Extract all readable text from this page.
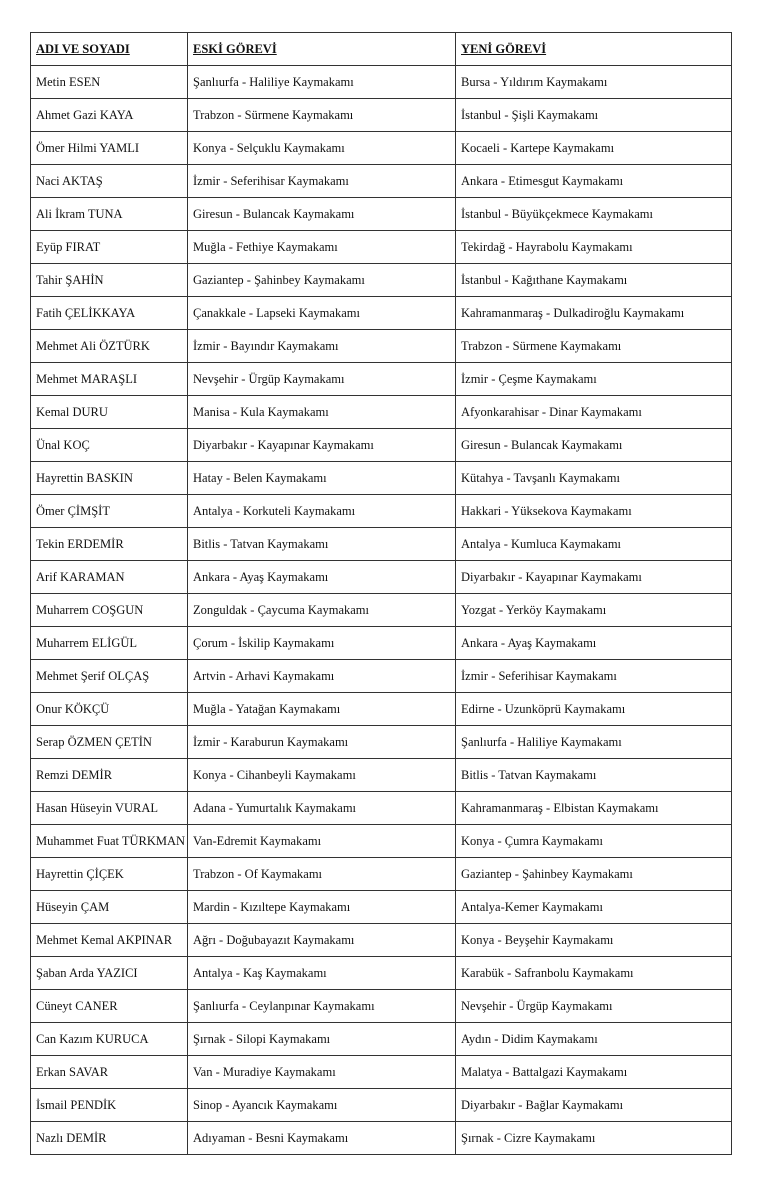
ADI VE SOYADI	ESKİ GÖREVİ	YENİ GÖREVİ
Metin ESEN	Şanlıurfa - Haliliye Kaymakamı	Bursa - Yıldırım Kaymakamı
Ahmet Gazi KAYA	Trabzon - Sürmene Kaymakamı	İstanbul - Şişli Kaymakamı
Ömer Hilmi YAMLI	Konya - Selçuklu Kaymakamı	Kocaeli - Kartepe Kaymakamı
Naci AKTAŞ	İzmir - Seferihisar Kaymakamı	Ankara - Etimesgut Kaymakamı
Ali İkram TUNA	Giresun - Bulancak Kaymakamı	İstanbul - Büyükçekmece Kaymakamı
Eyüp FIRAT	Muğla - Fethiye Kaymakamı	Tekirdağ - Hayrabolu Kaymakamı
Tahir ŞAHİN	Gaziantep - Şahinbey Kaymakamı	İstanbul - Kağıthane Kaymakamı
Fatih ÇELİKKAYA	Çanakkale - Lapseki Kaymakamı	Kahramanmaraş - Dulkadiroğlu Kaymakamı
Mehmet Ali ÖZTÜRK	İzmir - Bayındır Kaymakamı	Trabzon - Sürmene Kaymakamı
Mehmet MARAŞLI	Nevşehir - Ürgüp Kaymakamı	İzmir - Çeşme Kaymakamı
Kemal DURU	Manisa - Kula Kaymakamı	Afyonkarahisar - Dinar Kaymakamı
Ünal KOÇ	Diyarbakır - Kayapınar Kaymakamı	Giresun - Bulancak Kaymakamı
Hayrettin BASKIN	Hatay - Belen Kaymakamı	Kütahya - Tavşanlı Kaymakamı
Ömer ÇİMŞİT	Antalya - Korkuteli Kaymakamı	Hakkari - Yüksekova Kaymakamı
Tekin ERDEMİR	Bitlis - Tatvan Kaymakamı	Antalya - Kumluca Kaymakamı
Arif KARAMAN	Ankara - Ayaş Kaymakamı	Diyarbakır - Kayapınar Kaymakamı
Muharrem COŞGUN	Zonguldak - Çaycuma Kaymakamı	Yozgat - Yerköy Kaymakamı
Muharrem ELİGÜL	Çorum - İskilip Kaymakamı	Ankara - Ayaş Kaymakamı
Mehmet Şerif OLÇAŞ	Artvin - Arhavi Kaymakamı	İzmir - Seferihisar Kaymakamı
Onur KÖKÇÜ	Muğla - Yatağan Kaymakamı	Edirne - Uzunköprü Kaymakamı
Serap ÖZMEN ÇETİN	İzmir - Karaburun Kaymakamı	Şanlıurfa - Haliliye Kaymakamı
Remzi DEMİR	Konya - Cihanbeyli Kaymakamı	Bitlis - Tatvan Kaymakamı
Hasan Hüseyin VURAL	Adana - Yumurtalık Kaymakamı	Kahramanmaraş - Elbistan Kaymakamı
Muhammet Fuat TÜRKMAN	Van-Edremit Kaymakamı	Konya - Çumra Kaymakamı
Hayrettin ÇİÇEK	Trabzon - Of Kaymakamı	Gaziantep - Şahinbey Kaymakamı
Hüseyin ÇAM	Mardin - Kızıltepe Kaymakamı	Antalya-Kemer Kaymakamı
Mehmet Kemal AKPINAR	Ağrı - Doğubayazıt Kaymakamı	Konya - Beyşehir Kaymakamı
Şaban Arda YAZICI	Antalya - Kaş Kaymakamı	Karabük - Safranbolu Kaymakamı
Cüneyt CANER	Şanlıurfa - Ceylanpınar Kaymakamı	Nevşehir - Ürgüp Kaymakamı
Can Kazım KURUCA	Şırnak - Silopi Kaymakamı	Aydın - Didim Kaymakamı
Erkan SAVAR	Van - Muradiye Kaymakamı	Malatya - Battalgazi Kaymakamı
İsmail PENDİK	Sinop - Ayancık Kaymakamı	Diyarbakır - Bağlar Kaymakamı
Nazlı DEMİR	Adıyaman - Besni Kaymakamı	Şırnak - Cizre Kaymakamı
